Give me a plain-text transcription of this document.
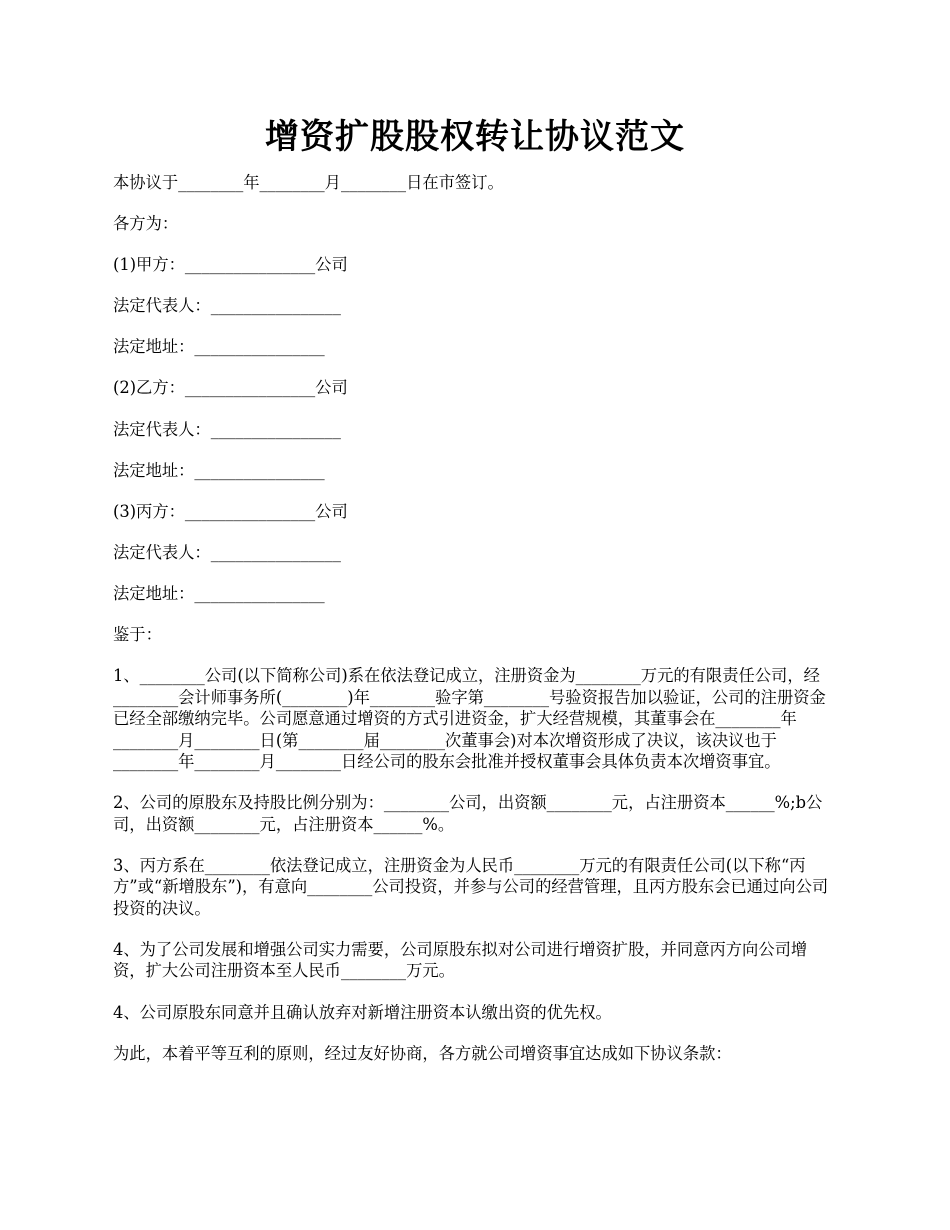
增资扩股股权转让协议范文

本协议于________年________月________日在市签订。

各方为：

(1)甲方：________________公司

法定代表人：________________

法定地址：________________

(2)乙方：________________公司

法定代表人：________________

法定地址：________________

(3)丙方：________________公司

法定代表人：________________

法定地址：________________

鉴于：

1、________公司(以下简称公司)系在依法登记成立，注册资金为________万元的有限责任公司，经________会计师事务所(________)年________验字第________号验资报告加以验证，公司的注册资金已经全部缴纳完毕。公司愿意通过增资的方式引进资金，扩大经营规模，其董事会在________年________月________日(第________届________次董事会)对本次增资形成了决议，该决议也于________年________月________日经公司的股东会批准并授权董事会具体负责本次增资事宜。

2、公司的原股东及持股比例分别为：________公司，出资额________元，占注册资本______%;b公司，出资额________元，占注册资本______%。

3、丙方系在________依法登记成立，注册资金为人民币________万元的有限责任公司(以下称“丙方”或“新增股东”)，有意向________公司投资，并参与公司的经营管理，且丙方股东会已通过向公司投资的决议。

4、为了公司发展和增强公司实力需要，公司原股东拟对公司进行增资扩股，并同意丙方向公司增资，扩大公司注册资本至人民币________万元。

4、公司原股东同意并且确认放弃对新增注册资本认缴出资的优先权。

为此，本着平等互利的原则，经过友好协商，各方就公司增资事宜达成如下协议条款：
